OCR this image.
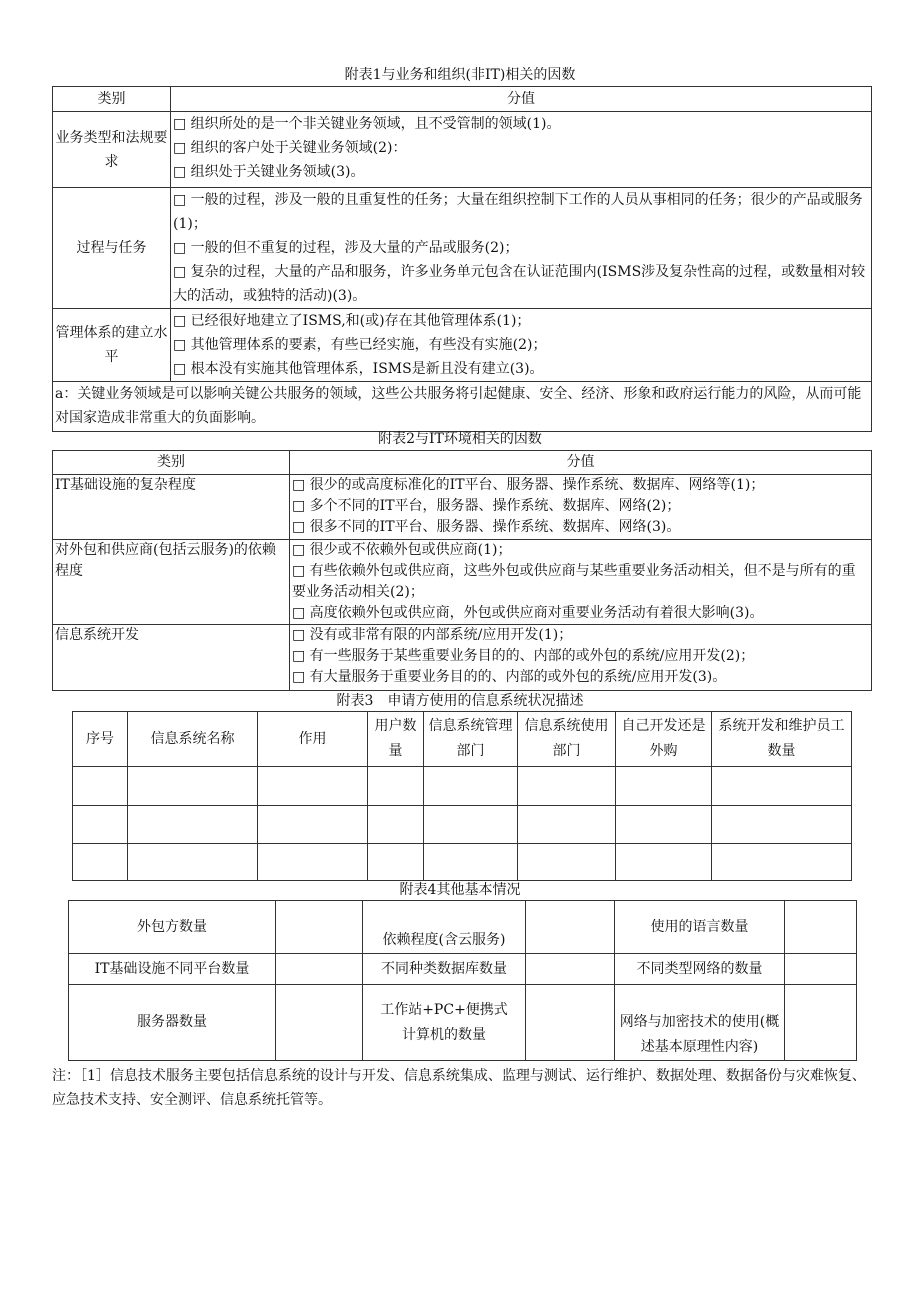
附表1与业务和组织(非IT)相关的因数
类别	分值
业务类型和法规要求	□ 组织所处的是一个非关键业务领域，且不受管制的领域(1)。
□ 组织的客户处于关键业务领域(2)：
□ 组织处于关键业务领域(3)。

过程与任务	□ 一般的过程，涉及一般的且重复性的任务；大量在组织控制下工作的人员从事相同的任务；很少的产品或服务(1)；
□ 一般的但不重复的过程，涉及大量的产品或服务(2)；
□ 复杂的过程，大量的产品和服务，许多业务单元包含在认证范围内(ISMS涉及复杂性高的过程，或数量相对较大的活动，或独特的活动)(3)。

管理体系的建立水平	□ 已经很好地建立了ISMS,和(或)存在其他管理体系(1)；
□ 其他管理体系的要素，有些已经实施，有些没有实施(2)；
□ 根本没有实施其他管理体系，ISMS是新且没有建立(3)。

a：关键业务领域是可以影响关键公共服务的领域，这些公共服务将引起健康、安全、经济、形象和政府运行能力的风险，从而可能对国家造成非常重大的负面影响。	
附表2与IT环境相关的因数
类别	分值
IT基础设施的复杂程度	□ 很少的或高度标准化的IT平台、服务器、操作系统、数据库、网络等(1)；
□ 多个不同的IT平台，服务器、操作系统、数据库、网络(2)；
□ 很多不同的IT平台、服务器、操作系统、数据库、网络(3)。

对外包和供应商(包括云服务)的依赖程度	□ 很少或不依赖外包或供应商(1)；
□ 有些依赖外包或供应商，这些外包或供应商与某些重要业务活动相关，但不是与所有的重要业务活动相关(2)；
□ 高度依赖外包或供应商，外包或供应商对重要业务活动有着很大影响(3)。

信息系统开发	□ 没有或非常有限的内部系统/应用开发(1)；
□ 有一些服务于某些重要业务目的的、内部的或外包的系统/应用开发(2)；
□ 有大量服务于重要业务目的的、内部的或外包的系统/应用开发(3)。
附表3　申请方使用的信息系统状况描述
序号	信息系统名称	作用	用户数量	信息系统管理部门	信息系统使用部门	自己开发还是外购	系统开发和维护员工数量

附表4其他基本情况
外包方数量		依赖程度(含云服务)		使用的语言数量	
IT基础设施不同平台数量		不同种类数据库数量		不同类型网络的数量	
服务器数量		工作站+PC+便携式计算机的数量		网络与加密技术的使用(概述基本原理性内容)	
注：［1］信息技术服务主要包括信息系统的设计与开发、信息系统集成、监理与测试、运行维护、数据处理、数据备份与灾难恢复、应急技术支持、安全测评、信息系统托管等。
